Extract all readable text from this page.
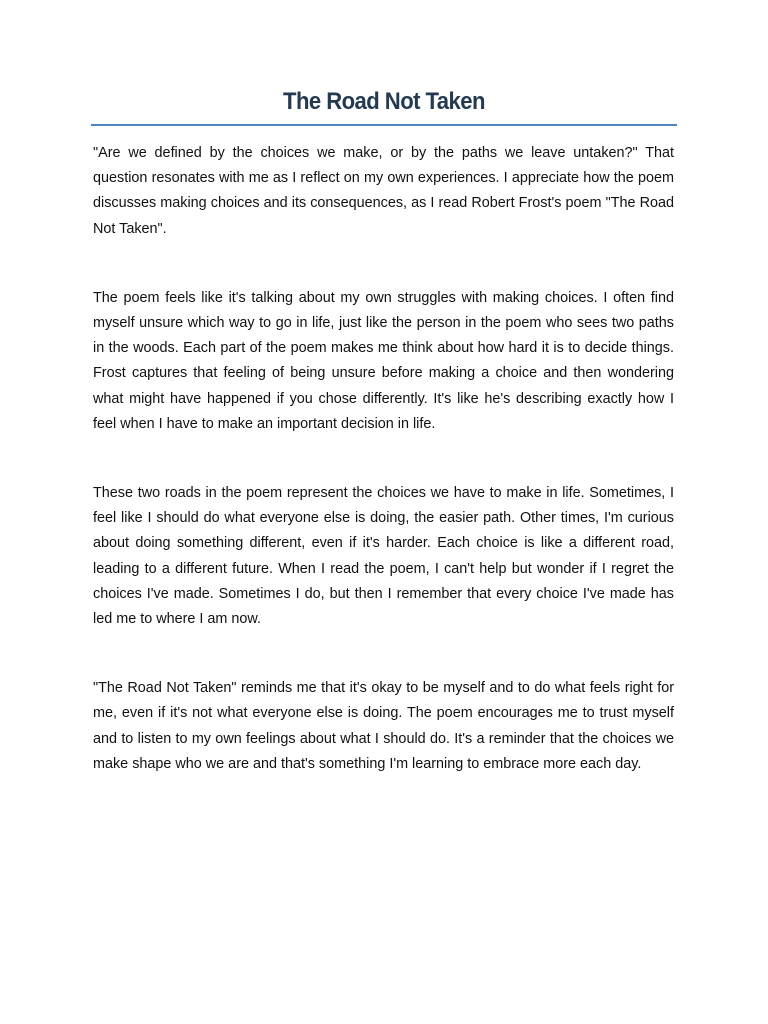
The Road Not Taken

"Are we defined by the choices we make, or by the paths we leave untaken?" That question resonates with me as I reflect on my own experiences. I appreciate how the poem discusses making choices and its consequences, as I read Robert Frost's poem "The Road Not Taken".

The poem feels like it's talking about my own struggles with making choices. I often find myself unsure which way to go in life, just like the person in the poem who sees two paths in the woods. Each part of the poem makes me think about how hard it is to decide things. Frost captures that feeling of being unsure before making a choice and then wondering what might have happened if you chose differently. It's like he's describing exactly how I feel when I have to make an important decision in life.

These two roads in the poem represent the choices we have to make in life. Sometimes, I feel like I should do what everyone else is doing, the easier path. Other times, I'm curious about doing something different, even if it's harder. Each choice is like a different road, leading to a different future. When I read the poem, I can't help but wonder if I regret the choices I've made. Sometimes I do, but then I remember that every choice I've made has led me to where I am now.

"The Road Not Taken" reminds me that it's okay to be myself and to do what feels right for me, even if it's not what everyone else is doing. The poem encourages me to trust myself and to listen to my own feelings about what I should do. It's a reminder that the choices we make shape who we are and that's something I'm learning to embrace more each day.
